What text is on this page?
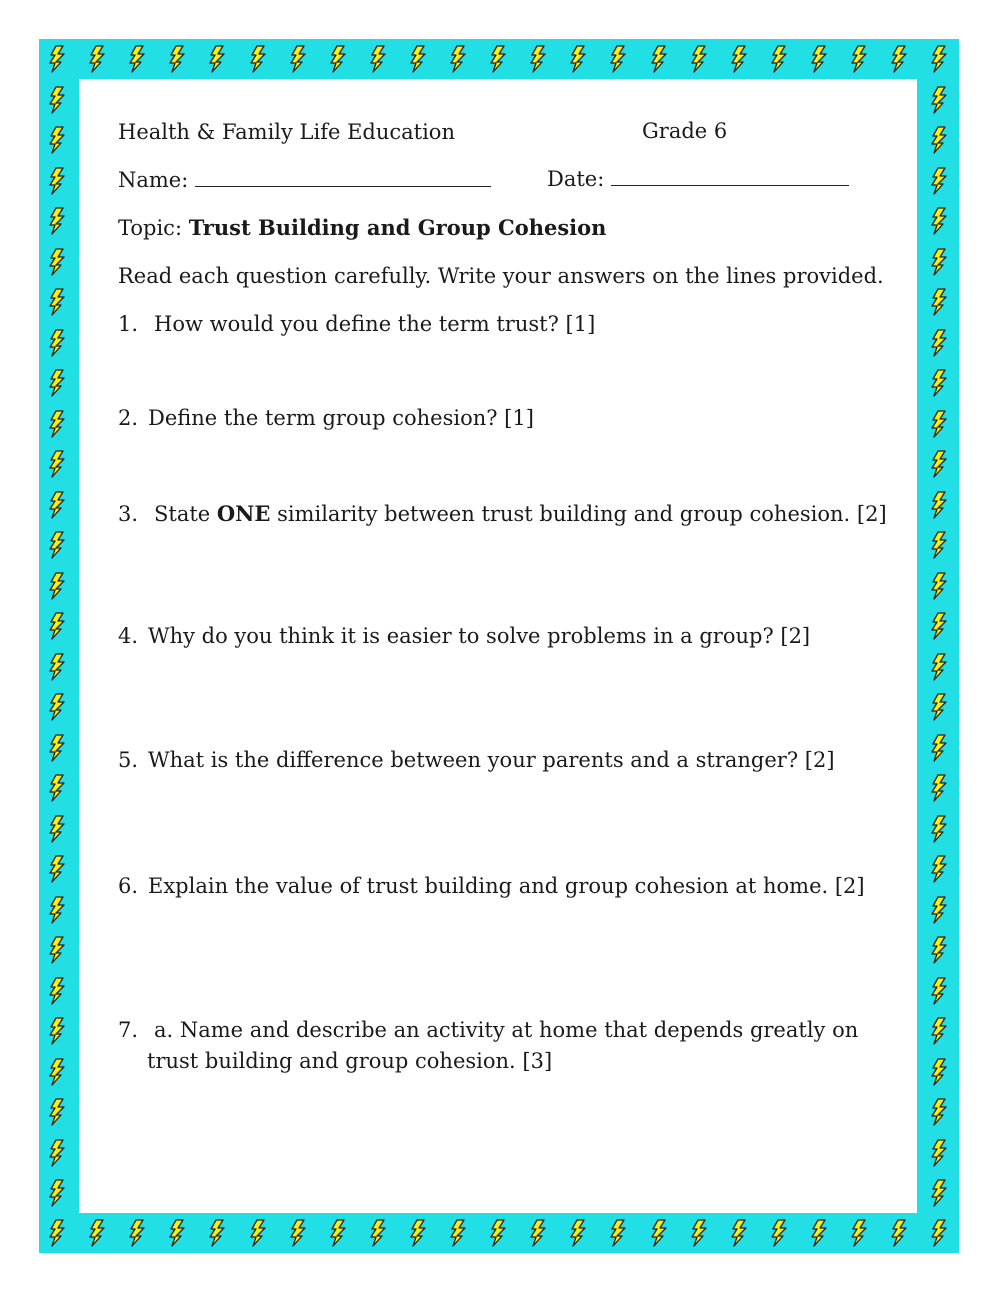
Health & Family Life Education	Grade 6
Name:	Date:
Topic: Trust Building and Group Cohesion
Read each question carefully. Write your answers on the lines provided.
1. How would you define the term trust? [1]
2. Define the term group cohesion? [1]
3. State ONE similarity between trust building and group cohesion. [2]
4. Why do you think it is easier to solve problems in a group? [2]
5. What is the difference between your parents and a stranger? [2]
6. Explain the value of trust building and group cohesion at home. [2]
7. a. Name and describe an activity at home that depends greatly on
trust building and group cohesion. [3]
